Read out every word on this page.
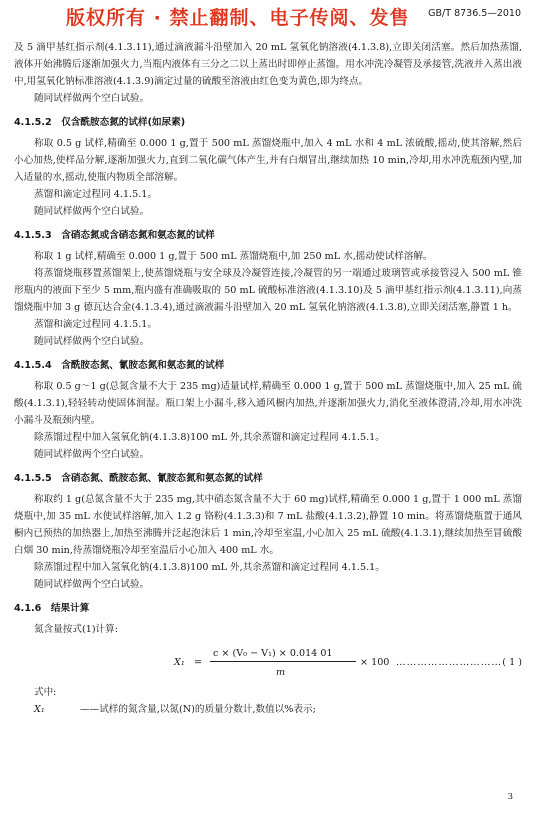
版权所有 · 禁止翻制、电子传阅、发售 GB/T 8736.5—2010

及 5 滴甲基红指示剂(4.1.3.11),通过滴液漏斗沿壁加入 20 mL 氢氧化钠溶液(4.1.3.8),立即关闭活塞。然后加热蒸馏,液体开始沸腾后逐渐加强火力,当瓶内液体有三分之二以上蒸出时即停止蒸馏。用水冲洗冷凝管及承接管,洗液并入蒸出液中,用氢氧化钠标准溶液(4.1.3.9)滴定过量的硫酸至溶液由红色变为黄色,即为终点。

随同试样做两个空白试验。

4.1.5.2　仅含酰胺态氮的试样(如尿素)

称取 0.5 g 试样,精确至 0.000 1 g,置于 500 mL 蒸馏烧瓶中,加入 4 mL 水和 4 mL 浓硫酸,摇动,使其溶解,然后小心加热,使样品分解,逐渐加强火力,直到二氧化碳气体产生,并有白烟冒出,继续加热 10 min,冷却,用水冲洗瓶颈内壁,加入适量的水,摇动,使瓶内物质全部溶解。

蒸馏和滴定过程同 4.1.5.1。

随同试样做两个空白试验。

4.1.5.3　含硝态氮或含硝态氮和氨态氮的试样

称取 1 g 试样,精确至 0.000 1 g,置于 500 mL 蒸馏烧瓶中,加 250 mL 水,摇动使试样溶解。

将蒸馏烧瓶移置蒸馏架上,使蒸馏烧瓶与安全球及冷凝管连接,冷凝管的另一端通过玻璃管或承接管浸入 500 mL 锥形瓶内的液面下至少 5 mm,瓶内盛有准确吸取的 50 mL 硫酸标准溶液(4.1.3.10)及 5 滴甲基红指示剂(4.1.3.11),向蒸馏烧瓶中加 3 g 德瓦达合金(4.1.3.4),通过滴液漏斗沿壁加入 20 mL 氢氧化钠溶液(4.1.3.8),立即关闭活塞,静置 1 h。

蒸馏和滴定过程同 4.1.5.1。

随同试样做两个空白试验。

4.1.5.4　含酰胺态氮、氰胺态氮和氨态氮的试样

称取 0.5 g～1 g(总氮含量不大于 235 mg)适量试样,精确至 0.000 1 g,置于 500 mL 蒸馏烧瓶中,加入 25 mL 硫酸(4.1.3.1),轻轻转动使固体润湿。瓶口架上小漏斗,移入通风橱内加热,并逐渐加强火力,消化至液体澄清,冷却,用水冲洗小漏斗及瓶颈内壁。

除蒸馏过程中加入氢氧化钠(4.1.3.8)100 mL 外,其余蒸馏和滴定过程同 4.1.5.1。

随同试样做两个空白试验。

4.1.5.5　含硝态氮、酰胺态氮、氰胺态氮和氨态氮的试样

称取约 1 g(总氮含量不大于 235 mg,其中硝态氮含量不大于 60 mg)试样,精确至 0.000 1 g,置于 1 000 mL 蒸馏烧瓶中,加 35 mL 水使试样溶解,加入 1.2 g 铬粉(4.1.3.3)和 7 mL 盐酸(4.1.3.2),静置 10 min。将蒸馏烧瓶置于通风橱内已预热的加热器上,加热至沸腾并泛起泡沫后 1 min,冷却至室温,小心加入 25 mL 硫酸(4.1.3.1),继续加热至冒硫酸白烟 30 min,待蒸馏烧瓶冷却至室温后小心加入 400 mL 水。

除蒸馏过程中加入氢氧化钠(4.1.3.8)100 mL 外,其余蒸馏和滴定过程同 4.1.5.1。

随同试样做两个空白试验。

4.1.6　结果计算

氮含量按式(1)计算:

X₁ =
c × (V₀ − V₁) × 0.014 01
m
× 100 ………………………… ( 1 )

式中:

X₁	——试样的氮含量,以氮(N)的质量分数计,数值以%表示;
3
